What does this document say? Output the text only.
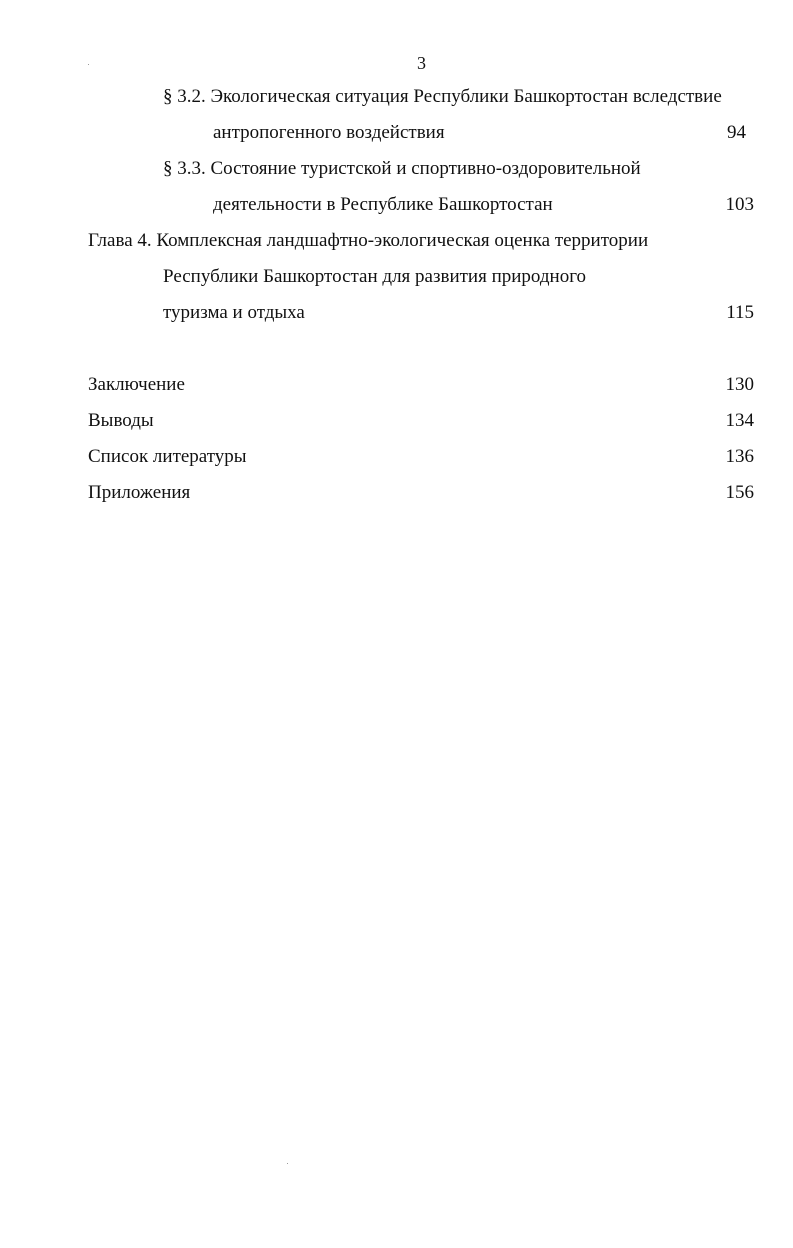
3
§ 3.2. Экологическая ситуация Республики Башкортостан вследствие
антропогенного воздействия	94
§ 3.3. Состояние туристской и спортивно-оздоровительной
деятельности в Республике Башкортостан	103
Глава 4. Комплексная ландшафтно-экологическая оценка территории
Республики Башкортостан для развития природного
туризма и отдыха	115
Заключение	130
Выводы	134
Список литературы	136
Приложения	156
